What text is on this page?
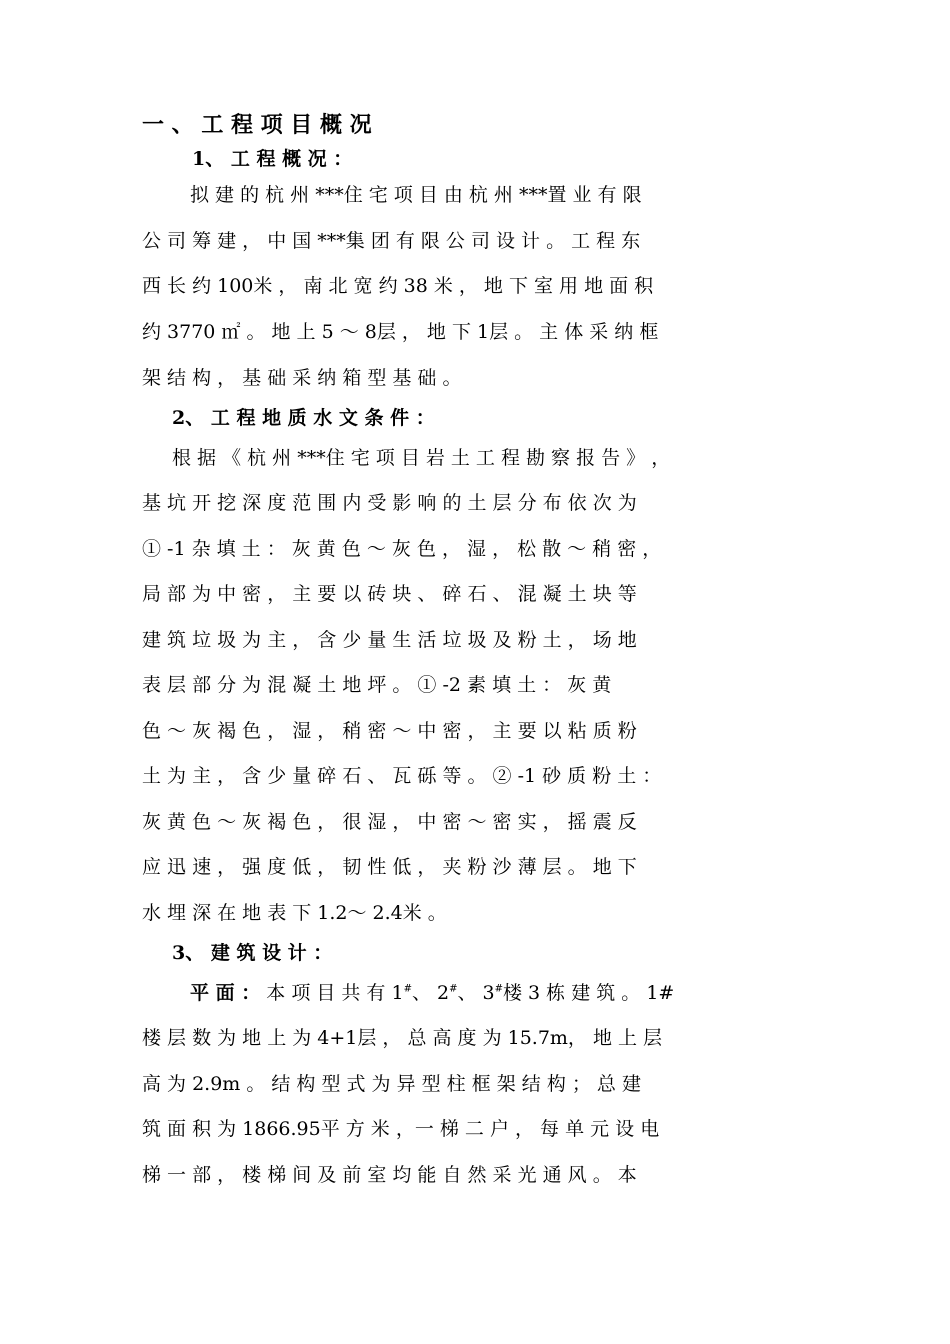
一 、 工 程 项 目 概 况
1、 工 程 概 况 ：
拟 建 的 杭 州 ***住 宅 项 目 由 杭 州 ***置 业 有 限
公 司 筹 建 ， 中 国 ***集 团 有 限 公 司 设 计 。 工 程 东
西 长 约 100米 ， 南 北 宽 约 38 米 ， 地 下 室 用 地 面 积
约 3770 ㎡ 。 地 上 5 ～ 8层 ， 地 下 1层 。 主 体 采 纳 框
架 结 构 ， 基 础 采 纳 箱 型 基 础 。
2、 工 程 地 质 水 文 条 件 ：
根 据 《 杭 州 ***住 宅 项 目 岩 土 工 程 勘 察 报 告 》 ，
基 坑 开 挖 深 度 范 围 内 受 影 响 的 土 层 分 布 依 次 为
① -1 杂 填 土 ： 灰 黄 色 ～ 灰 色 ， 湿 ， 松 散 ～ 稍 密 ，
局 部 为 中 密 ， 主 要 以 砖 块 、 碎 石 、 混 凝 土 块 等
建 筑 垃 圾 为 主 ， 含 少 量 生 活 垃 圾 及 粉 土 ， 场 地
表 层 部 分 为 混 凝 土 地 坪 。 ① -2 素 填 土 ： 灰 黄
色 ～ 灰 褐 色 ， 湿 ， 稍 密 ～ 中 密 ， 主 要 以 粘 质 粉
土 为 主 ， 含 少 量 碎 石 、 瓦 砾 等 。 ② -1 砂 质 粉 土 ：
灰 黄 色 ～ 灰 褐 色 ， 很 湿 ， 中 密 ～ 密 实 ， 摇 震 反
应 迅 速 ， 强 度 低 ， 韧 性 低 ， 夹 粉 沙 薄 层 。 地 下
水 埋 深 在 地 表 下 1.2～ 2.4米 。
3、 建 筑 设 计 ：
平 面 ： 本 项 目 共 有 1#、 2#、 3#楼 3 栋 建 筑 。 1#
楼 层 数 为 地 上 为 4+1层 ， 总 高 度 为 15.7m， 地 上 层
高 为 2.9m 。 结 构 型 式 为 异 型 柱 框 架 结 构 ； 总 建
筑 面 积 为 1866.95平 方 米 ，一 梯 二 户 ， 每 单 元 设 电
梯 一 部 ， 楼 梯 间 及 前 室 均 能 自 然 采 光 通 风 。 本
